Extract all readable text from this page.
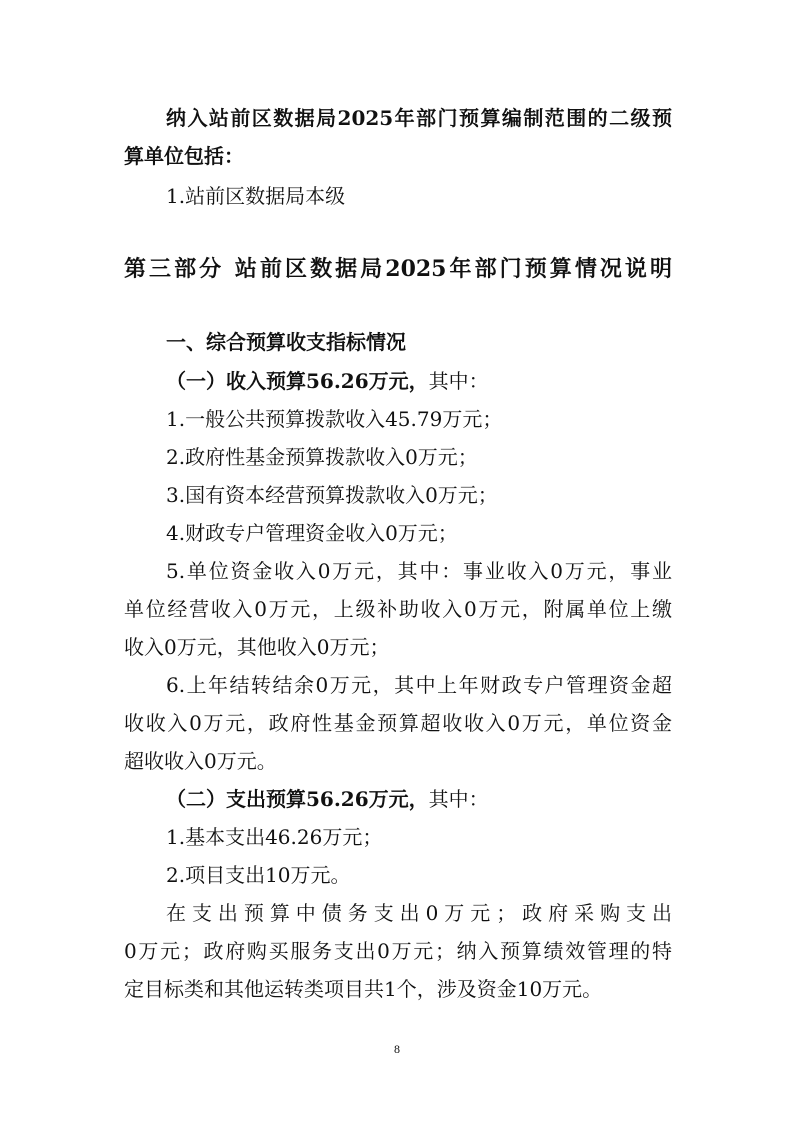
纳入站前区数据局2025年部门预算编制范围的二级预
算单位包括：
1.站前区数据局本级
第三部分 站前区数据局2025年部门预算情况说明
一、综合预算收支指标情况
（一）收入预算56.26万元，其中：
1.一般公共预算拨款收入45.79万元；
2.政府性基金预算拨款收入0万元；
3.国有资本经营预算拨款收入0万元；
4.财政专户管理资金收入0万元；
5.单位资金收入0万元，其中：事业收入0万元，事业
单位经营收入0万元，上级补助收入0万元，附属单位上缴
收入0万元，其他收入0万元；
6.上年结转结余0万元，其中上年财政专户管理资金超
收收入0万元，政府性基金预算超收收入0万元，单位资金
超收收入0万元。
（二）支出预算56.26万元，其中：
1.基本支出46.26万元；
2.项目支出10万元。
在支出预算中债务支出0万元；政府采购支出
0万元；政府购买服务支出0万元；纳入预算绩效管理的特
定目标类和其他运转类项目共1个，涉及资金10万元。
8
